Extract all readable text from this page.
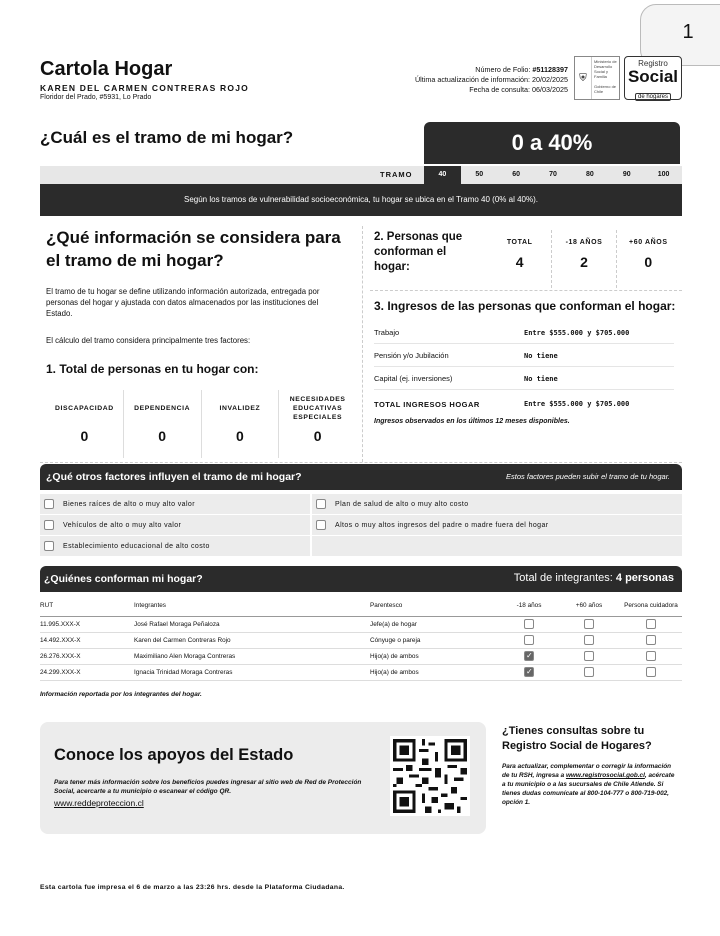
1
Cartola Hogar
KAREN DEL CARMEN CONTRERAS ROJO
Floridor del Prado, #5931, Lo Prado
Número de Folio: #51128397
Última actualización de información: 20/02/2025
Fecha de consulta: 06/03/2025
⛨
Ministerio de Desarrollo Social y Familia

Gobierno de Chile
Registro
Social
de hogares
¿Cuál es el tramo de mi hogar?	0 a 40%
TRAMO	40	50	60	70	80	90	100
Según los tramos de vulnerabilidad socioeconómica, tu hogar se ubica en el Tramo 40 (0% al 40%).
¿Qué información se considera para el tramo de mi hogar?
El tramo de tu hogar se define utilizando información autorizada, entregada por personas del hogar y ajustada con datos almacenados por las instituciones del Estado.
El cálculo del tramo considera principalmente tres factores:
1. Total de personas en tu hogar con:
DISCAPACIDAD
0
DEPENDENCIA
0
INVALIDEZ
0
NECESIDADES EDUCATIVAS ESPECIALES
0
2. Personas que conforman el hogar:
TOTAL
4
-18 AÑOS
2
+60 AÑOS
0
3. Ingresos de las personas que conforman el hogar:
Trabajo	Entre $555.000 y $705.000
Pensión y/o Jubilación	No tiene
Capital (ej. inversiones)	No tiene
TOTAL INGRESOS HOGAR	Entre $555.000 y $705.000
Ingresos observados en los últimos 12 meses disponibles.
¿Qué otros factores influyen el tramo de mi hogar?	Estos factores pueden subir el tramo de tu hogar.
Bienes raíces de alto o muy alto valor	Plan de salud de alto o muy alto costo
Vehículos de alto o muy alto valor	Altos o muy altos ingresos del padre o madre fuera del hogar
Establecimiento educacional de alto costo
¿Quiénes conforman mi hogar?	Total de integrantes: 4 personas
RUT	Integrantes	Parentesco	-18 años	+60 años	Persona cuidadora
11.995.XXX-X	José Rafael Moraga Peñaloza	Jefe(a) de hogar			
14.492.XXX-X	Karen del Carmen Contreras Rojo	Cónyuge o pareja			
26.276.XXX-X	Maximiliano Alen Moraga Contreras	Hijo(a) de ambos	✓		
24.299.XXX-X	Ignacia Trinidad Moraga Contreras	Hijo(a) de ambos	✓		
Información reportada por los integrantes del hogar.
Conoce los apoyos del Estado
Para tener más información sobre los beneficios puedes ingresar al sitio web de Red de Protección Social, acercarte a tu municipio o escanear el código QR.
www.reddeproteccion.cl
¿Tienes consultas sobre tu Registro Social de Hogares?
Para actualizar, complementar o corregir la información de tu RSH, ingresa a www.registrosocial.gob.cl, acércate a tu municipio o a las sucursales de Chile Atiende. Si tienes dudas comunícate al 800-104-777 o 800-719-002, opción 1.
Esta cartola fue impresa el 6 de marzo a las 23:26 hrs. desde la Plataforma Ciudadana.
